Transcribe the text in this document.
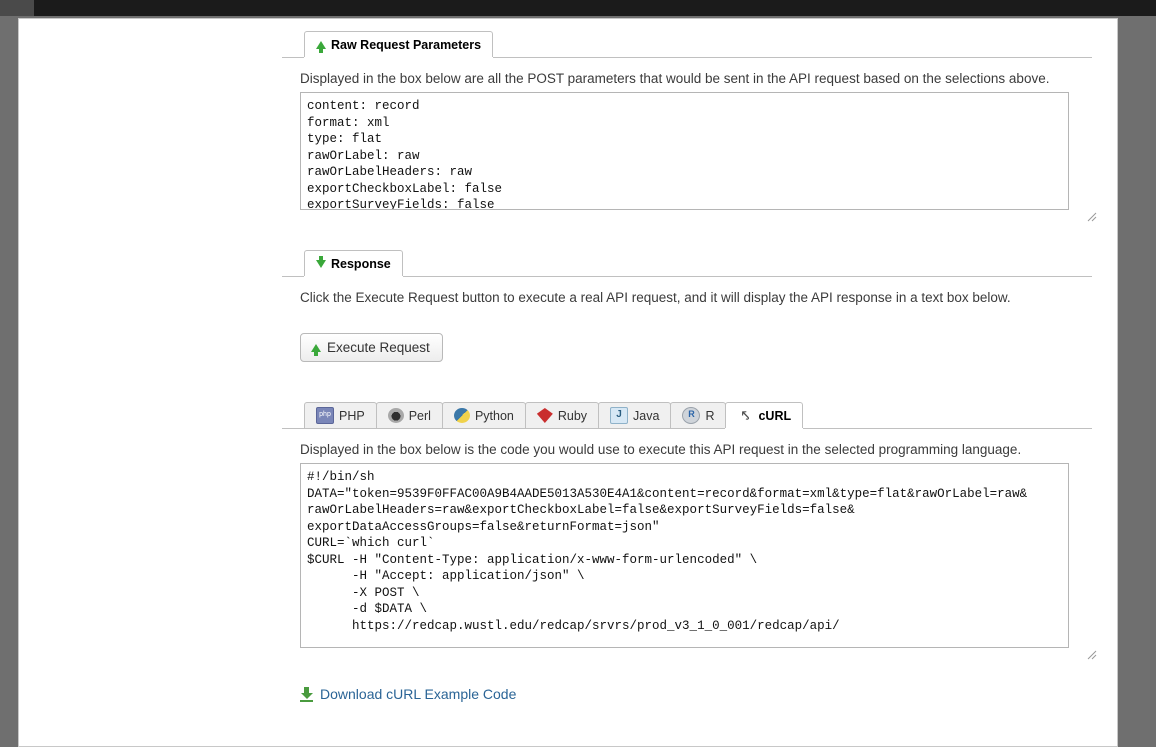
Raw Request Parameters
Displayed in the box below are all the POST parameters that would be sent in the API request based on the selections above.
content: record format: xml type: flat rawOrLabel: raw rawOrLabelHeaders: raw exportCheckboxLabel: false exportSurveyFields: false exportDataAccessGroups: false returnFormat: json
Response
Click the Execute Request button to execute a real API request, and it will display the API response in a text box below.
Execute Request
php
PHP	Perl	Python	Ruby J	Java R	R ⤣	cURL
Displayed in the box below is the code you would use to execute this API request in the selected programming language.
#!/bin/sh DATA="token=9539F0FFAC00A9B4AADE5013A530E4A1&content=record&format=xml&type=flat&rawOrLabel=raw& rawOrLabelHeaders=raw&exportCheckboxLabel=false&exportSurveyFields=false& exportDataAccessGroups=false&returnFormat=json" CURL=`which curl` $CURL -H "Content-Type: application/x-www-form-urlencoded" \ -H "Accept: application/json" \ -X POST \ -d $DATA \ https://redcap.wustl.edu/redcap/srvrs/prod_v3_1_0_001/redcap/api/
Download cURL Example Code
